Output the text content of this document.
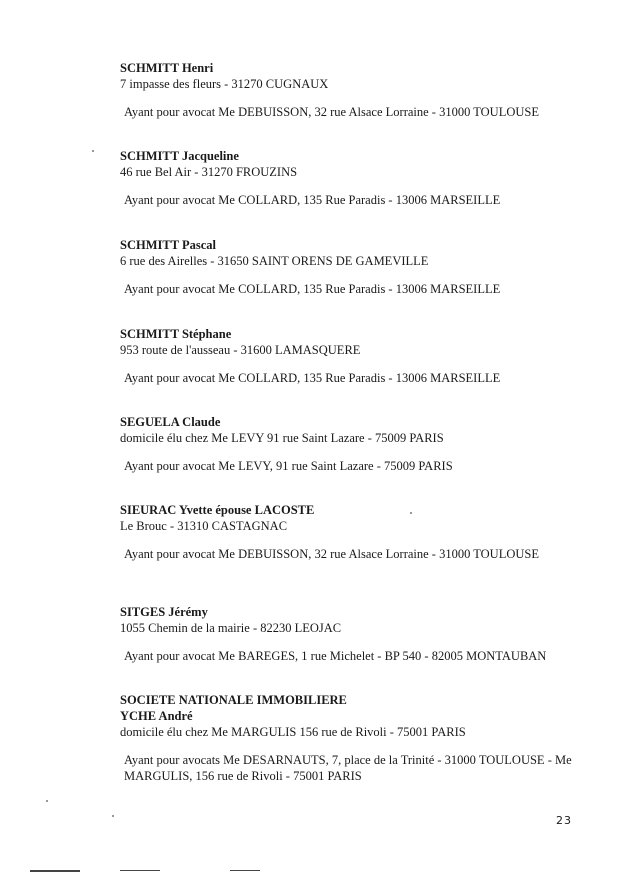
SCHMITT Henri
7 impasse des fleurs - 31270 CUGNAUX
Ayant pour avocat Me DEBUISSON, 32 rue Alsace Lorraine - 31000 TOULOUSE
SCHMITT Jacqueline
46 rue Bel Air - 31270 FROUZINS
Ayant pour avocat Me COLLARD, 135 Rue Paradis - 13006 MARSEILLE
SCHMITT Pascal
6 rue des Airelles - 31650 SAINT ORENS DE GAMEVILLE
Ayant pour avocat Me COLLARD, 135 Rue Paradis - 13006 MARSEILLE
SCHMITT Stéphane
953 route de l'ausseau - 31600 LAMASQUERE
Ayant pour avocat Me COLLARD, 135 Rue Paradis - 13006 MARSEILLE
SEGUELA Claude
domicile élu chez Me LEVY 91 rue Saint Lazare - 75009 PARIS
Ayant pour avocat Me LEVY, 91 rue Saint Lazare - 75009 PARIS
SIEURAC Yvette épouse LACOSTE
Le Brouc - 31310 CASTAGNAC
Ayant pour avocat Me DEBUISSON, 32 rue Alsace Lorraine - 31000 TOULOUSE
SITGES Jérémy
1055 Chemin de la mairie - 82230 LEOJAC
Ayant pour avocat Me BAREGES, 1 rue Michelet - BP 540 - 82005 MONTAUBAN
SOCIETE NATIONALE IMMOBILIERE
YCHE André
domicile élu chez Me MARGULIS 156 rue de Rivoli - 75001 PARIS
Ayant pour avocats Me DESARNAUTS, 7, place de la Trinité - 31000 TOULOUSE - Me MARGULIS, 156 rue de Rivoli - 75001 PARIS
23
